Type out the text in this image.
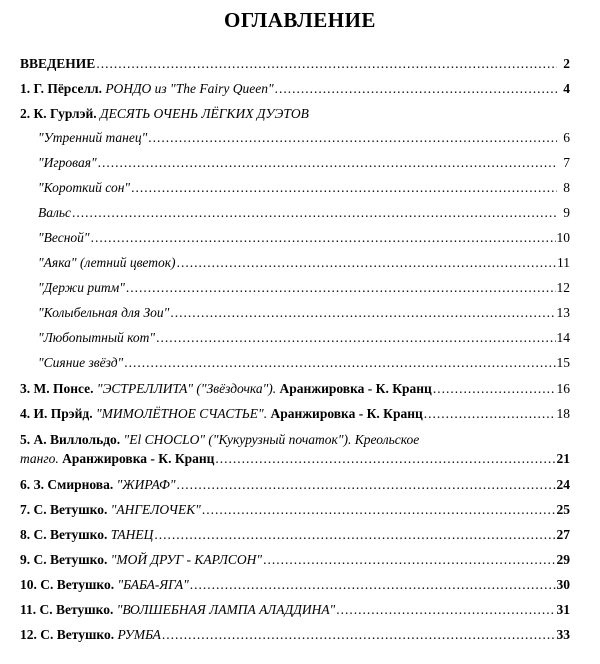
ОГЛАВЛЕНИЕ
ВВЕДЕНИЕ .....	2
1. Г. Пёрселл. РОНДО из "The Fairy Queen" .....	4
2. К. Гурлэй. ДЕСЯТЬ ОЧЕНЬ ЛЁГКИХ ДУЭТОВ
"Утренний танец" .....	6
"Игровая" .....	7
"Короткий сон" .....	8
Вальс .....	9
"Весной" .....	10
"Аяка" (летний цветок) .....	11
"Держи ритм" .....	12
"Колыбельная для Зои" .....	13
"Любопытный кот" .....	14
"Сияние звёзд" .....	15
3. М. Понсе. "ЭСТРЕЛЛИТА" ("Звёздочка"). Аранжировка - К. Кранц .....	16
4. И. Прэйд. "МИМОЛЁТНОЕ СЧАСТЬЕ". Аранжировка - К. Кранц .....	18
5. А. Виллольдо. "El CHOCLO" ("Кукурузный початок"). Креольское
танго. Аранжировка - К. Кранц .....	21
6. З. Смирнова. "ЖИРАФ" .....	24
7. С. Ветушко. "АНГЕЛОЧЕК" .....	25
8. С. Ветушко. ТАНЕЦ .....	27
9. С. Ветушко. "МОЙ ДРУГ - КАРЛСОН" .....	29
10. С. Ветушко. "БАБА-ЯГА" .....	30
11. С. Ветушко. "ВОЛШЕБНАЯ ЛАМПА АЛАДДИНА" .....	31
12. С. Ветушко. РУМБА .....	33
